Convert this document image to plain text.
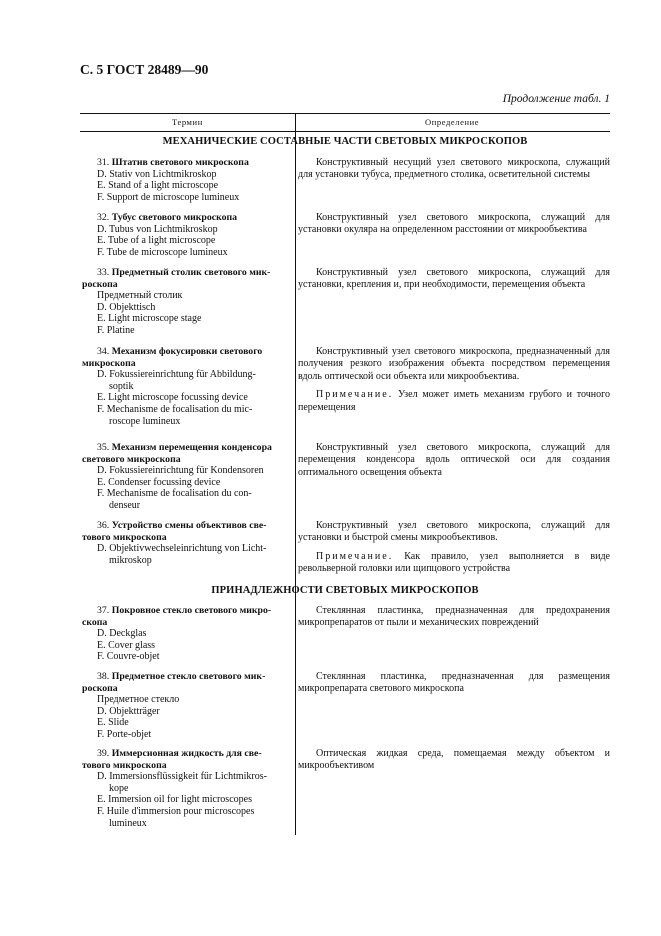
С. 5 ГОСТ 28489—90
Продолжение табл. 1
Термин	Определение
МЕХАНИЧЕСКИЕ СОСТАВНЫЕ ЧАСТИ СВЕТОВЫХ МИКРОСКОПОВ
ПРИНАДЛЕЖНОСТИ СВЕТОВЫХ МИКРОСКОПОВ
31. Штатив светового микроскопа
D. Stativ von Lichtmikroskop
E. Stand of a light microscope
F. Support de microscope lumineux

Конструктивный несущий узел светового микроскопа, служащий для установки тубуса, предметного столика, осветительной системы

32. Тубус светового микроскопа
D. Tubus von Lichtmikroskop
E. Tube of a light microscope
F. Tube de microscope lumineux

Конструктивный узел светового микроскопа, служащий для установки окуляра на определенном расстоянии от микрообъектива

33. Предметный столик светового мик-
роскопа
Предметный столик
D. Objekttisch
E. Light microscope stage
F. Platine

Конструктивный узел светового микроскопа, служащий для установки, крепления и, при необходимости, перемещения объекта

34. Механизм фокусировки светового
микроскопа
D. Fokussiereinrichtung für Abbildung-
soptik
E. Light microscope focussing device
F. Mechanisme de focalisation du mic-
roscope lumineux

Конструктивный узел светового микроскопа, предназначенный для получения резкого изображения объекта посредством перемещения вдоль оптической оси объекта или микрообъектива.

Примечание. Узел может иметь механизм грубого и точного перемещения

35. Механизм перемещения конденсора
светового микроскопа
D. Fokussiereinrichtung für Kondensoren
E. Condenser focussing device
F. Mechanisme de focalisation du con-
denseur

Конструктивный узел светового микроскопа, служащий для перемещения конденсора вдоль оптической оси для создания оптимального освещения объекта

36. Устройство смены объективов све-
тового микроскопа
D. Objektivwechseleinrichtung von Licht-
mikroskop

Конструктивный узел светового микроскопа, служащий для установки и быстрой смены микрообъективов.

Примечание. Как правило, узел выполняется в виде револьверной головки или щипцового устройства

37. Покровное стекло светового микро-
скопа
D. Deckglas
E. Cover glass
F. Couvre-objet

Стеклянная пластинка, предназначенная для предохранения микропрепаратов от пыли и механических повреждений

38. Предметное стекло светового мик-
роскопа
Предметное стекло
D. Objektträger
E. Slide
F. Porte-objet

Стеклянная пластинка, предназначенная для размещения микропрепарата светового микроскопа

39. Иммерсионная жидкость для све-
тового микроскопа
D. Immersionsflüssigkeit für Lichtmikros-
kope
E. Immersion oil for light microscopes
F. Huile d'immersion pour microscopes
lumineux

Оптическая жидкая среда, помещаемая между объектом и микрообъективом
